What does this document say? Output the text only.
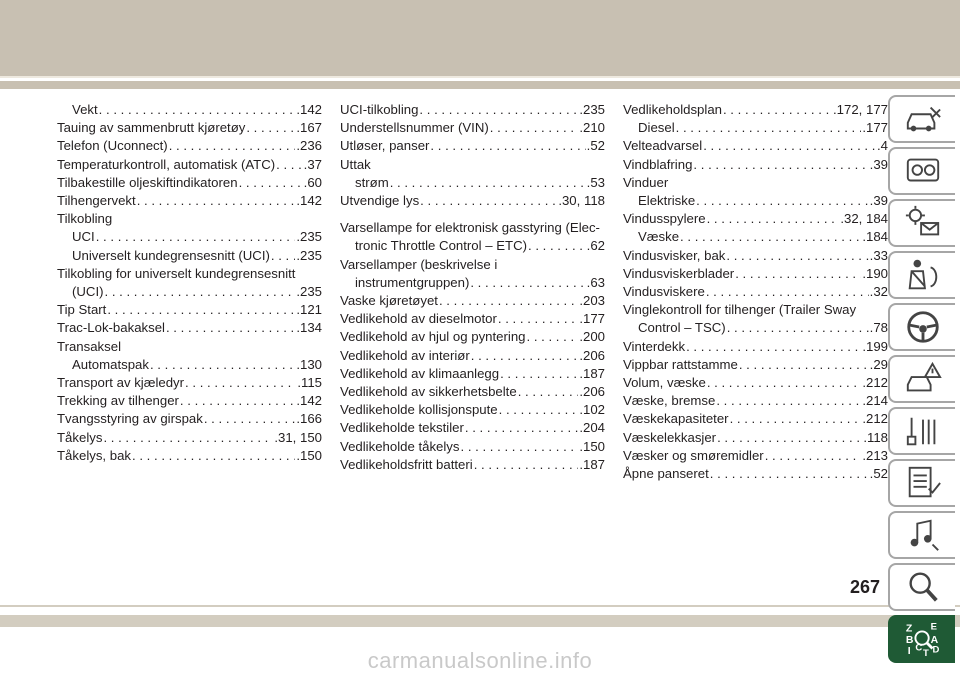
Vekt . . .	.142
Tauing av sammenbrutt kjøretøy . . .	.167
Telefon (Uconnect) . . .	.236
Temperaturkontroll, automatisk (ATC) . . . .37
Tilbakestille oljeskiftindikatoren . . .	.60
Tilhengervekt . . .	.142
Tilkobling
UCI . . .	.235
Universelt kundegrensesnitt (UCI) . . . .235
Tilkobling for universelt kundegrensesnitt
(UCI) . . .	.235
Tip Start . . .	.121
Trac-Lok-bakaksel . . .	.134
Transaksel
Automatspak . . .	.130
Transport av kjæledyr . . .	.115
Trekking av tilhenger . . .	.142
Tvangsstyring av girspak . . .	.166
Tåkelys . . .	.31, 150
Tåkelys, bak . . .	.150
UCI-tilkobling . . .	.235
Understellsnummer (VIN) . . .	.210
Utløser, panser . . .	.52
Uttak
strøm . . .	.53
Utvendige lys . . .	.30, 118
Varsellampe for elektronisk gasstyring (Elec-
tronic Throttle Control – ETC) . . .	.62
Varsellamper (beskrivelse i
instrumentgruppen) . . .	.63
Vaske kjøretøyet . . .	.203
Vedlikehold av dieselmotor . . .	.177
Vedlikehold av hjul og pyntering . . .	.200
Vedlikehold av interiør . . .	.206
Vedlikehold av klimaanlegg . . .	.187
Vedlikehold av sikkerhetsbelte . . .	.206
Vedlikeholde kollisjonspute . . .	.102
Vedlikeholde tekstiler . . .	.204
Vedlikeholde tåkelys . . .	.150
Vedlikeholdsfritt batteri . . .	.187
Vedlikeholdsplan . . .	.172, 177
Diesel . . .	.177
Velteadvarsel . . .	.4
Vindblafring . . .	.39
Vinduer
Elektriske . . .	.39
Vindusspylere . . .	.32, 184
Væske . . .	.184
Vindusvisker, bak . . .	.33
Vindusviskerblader . . .	.190
Vindusviskere . . .	.32
Vinglekontroll for tilhenger (Trailer Sway
Control – TSC) . . .	.78
Vinterdekk . . .	.199
Vippbar rattstamme . . .	.29
Volum, væske . . .	.212
Væske, bremse . . .	.214
Væskekapasiteter . . .	.212
Væskelekkasjer . . .	.118
Væsker og smøremidler . . .	.213
Åpne panseret . . .	.52
Z E
B A
I D
C
T
267
carmanualsonline.info
